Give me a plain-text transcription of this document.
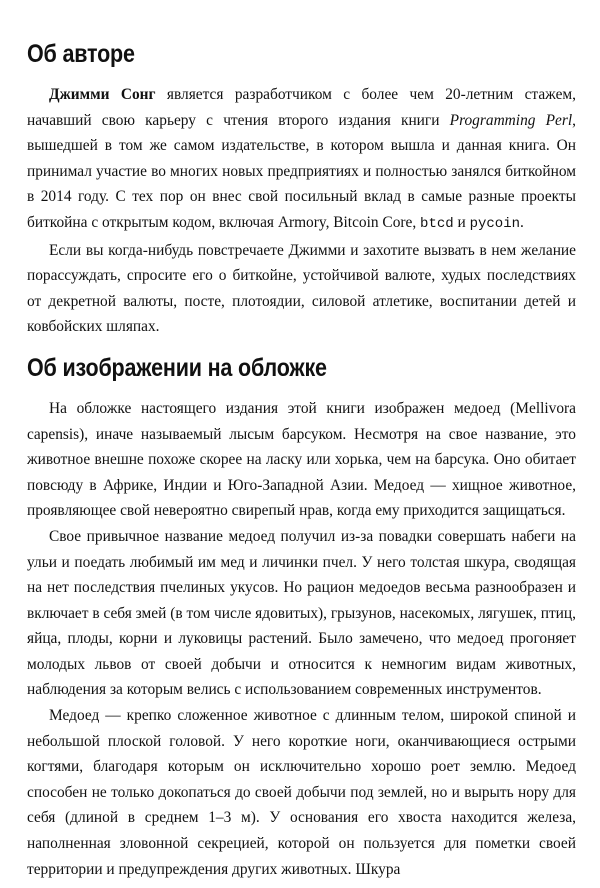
Об авторе

Джимми Сонг является разработчиком с более чем 20-летним стажем, начавший свою карьеру с чтения второго издания книги Programming Perl, вышедшей в том же самом издательстве, в котором вышла и данная книга. Он принимал участие во многих новых предприятиях и полностью занялся биткойном в 2014 году. С тех пор он внес свой посильный вклад в самые разные проекты биткойна с открытым кодом, включая Armory, Bitcoin Core, btcd и pycoin.

Если вы когда-нибудь повстречаете Джимми и захотите вызвать в нем желание порассуждать, спросите его о биткойне, устойчивой валюте, худых последствиях от декретной валюты, посте, плотоядии, силовой атлетике, воспитании детей и ковбойских шляпах.

Об изображении на обложке

На обложке настоящего издания этой книги изображен медоед (Mellivora capensis), иначе называемый лысым барсуком. Несмотря на свое название, это животное внешне похоже скорее на ласку или хорька, чем на барсука. Оно обитает повсюду в Африке, Индии и Юго-Западной Азии. Медоед — хищное животное, проявляющее свой невероятно свирепый нрав, когда ему приходится защищаться.

Свое привычное название медоед получил из-за повадки совершать набеги на ульи и поедать любимый им мед и личинки пчел. У него толстая шкура, сводящая на нет последствия пчелиных укусов. Но рацион медоедов весьма разнообразен и включает в себя змей (в том числе ядовитых), грызунов, насекомых, лягушек, птиц, яйца, плоды, корни и луковицы растений. Было замечено, что медоед прогоняет молодых львов от своей добычи и относится к немногим видам животных, наблюдения за которым велись с использованием современных инструментов.

Медоед — крепко сложенное животное с длинным телом, широкой спиной и небольшой плоской головой. У него короткие ноги, оканчивающиеся острыми когтями, благодаря которым он исключительно хорошо роет землю. Медоед способен не только докопаться до своей добычи под землей, но и вырыть нору для себя (длиной в среднем 1–3 м). У основания его хвоста находится железа, наполненная зловонной секрецией, которой он пользуется для пометки своей территории и предупреждения других животных. Шкура
